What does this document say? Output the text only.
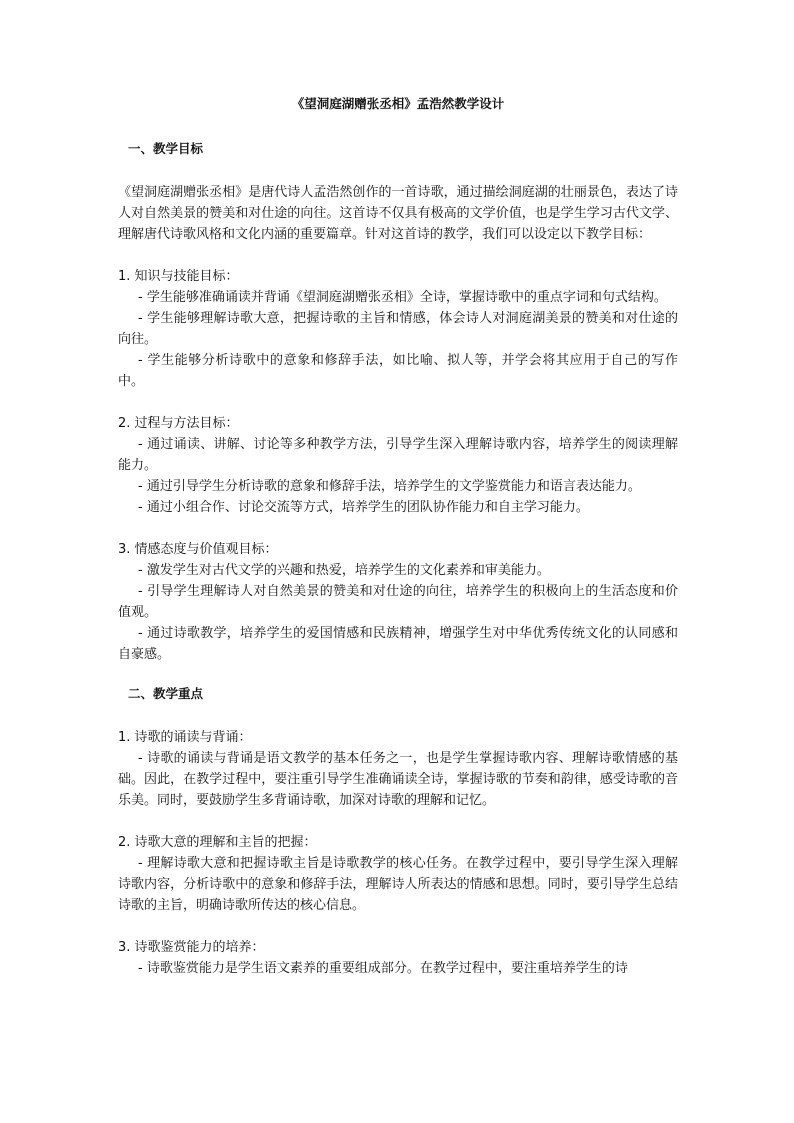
《望洞庭湖赠张丞相》孟浩然教学设计
一、教学目标

《望洞庭湖赠张丞相》是唐代诗人孟浩然创作的一首诗歌，通过描绘洞庭湖的壮丽景色，表达了诗人对自然美景的赞美和对仕途的向往。这首诗不仅具有极高的文学价值，也是学生学习古代文学、理解唐代诗歌风格和文化内涵的重要篇章。针对这首诗的教学，我们可以设定以下教学目标：

1. 知识与技能目标：

- 学生能够准确诵读并背诵《望洞庭湖赠张丞相》全诗，掌握诗歌中的重点字词和句式结构。

- 学生能够理解诗歌大意，把握诗歌的主旨和情感，体会诗人对洞庭湖美景的赞美和对仕途的向往。

- 学生能够分析诗歌中的意象和修辞手法，如比喻、拟人等，并学会将其应用于自己的写作中。

2. 过程与方法目标：

- 通过诵读、讲解、讨论等多种教学方法，引导学生深入理解诗歌内容，培养学生的阅读理解能力。

- 通过引导学生分析诗歌的意象和修辞手法，培养学生的文学鉴赏能力和语言表达能力。

- 通过小组合作、讨论交流等方式，培养学生的团队协作能力和自主学习能力。

3. 情感态度与价值观目标：

- 激发学生对古代文学的兴趣和热爱，培养学生的文化素养和审美能力。

- 引导学生理解诗人对自然美景的赞美和对仕途的向往，培养学生的积极向上的生活态度和价值观。

- 通过诗歌教学，培养学生的爱国情感和民族精神，增强学生对中华优秀传统文化的认同感和自豪感。

二、教学重点

1. 诗歌的诵读与背诵：

- 诗歌的诵读与背诵是语文教学的基本任务之一，也是学生掌握诗歌内容、理解诗歌情感的基础。因此，在教学过程中，要注重引导学生准确诵读全诗，掌握诗歌的节奏和韵律，感受诗歌的音乐美。同时，要鼓励学生多背诵诗歌，加深对诗歌的理解和记忆。

2. 诗歌大意的理解和主旨的把握：

- 理解诗歌大意和把握诗歌主旨是诗歌教学的核心任务。在教学过程中，要引导学生深入理解诗歌内容，分析诗歌中的意象和修辞手法，理解诗人所表达的情感和思想。同时，要引导学生总结诗歌的主旨，明确诗歌所传达的核心信息。

3. 诗歌鉴赏能力的培养：

- 诗歌鉴赏能力是学生语文素养的重要组成部分。在教学过程中，要注重培养学生的诗
